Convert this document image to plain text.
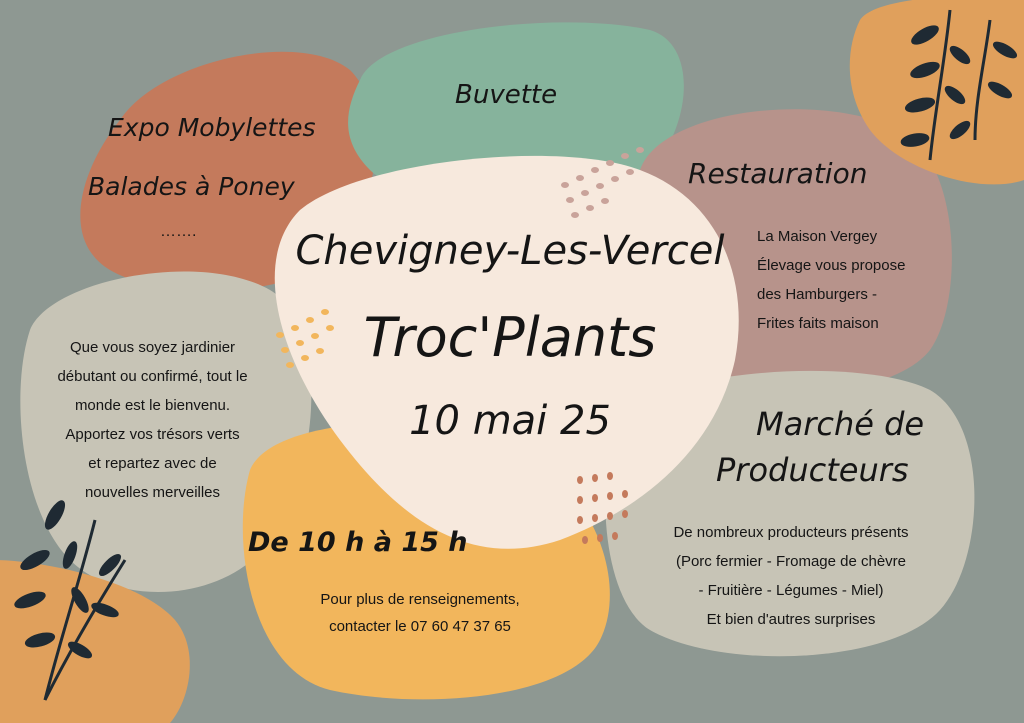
Expo Mobylettes
Balades à Poney
…….
Buvette
Restauration
La Maison Vergey
Élevage vous propose
des Hamburgers -
Frites faits maison
Chevigney-Les-Vercel
Troc'Plants
10 mai 25
Que vous soyez jardinier
débutant ou confirmé, tout le
monde est le bienvenu.
Apportez vos trésors verts
et repartez avec de
nouvelles merveilles
Marché de
Producteurs
De nombreux producteurs présents
(Porc fermier - Fromage de chèvre
- Fruitière - Légumes - Miel)
Et bien d'autres surprises
De 10 h à 15 h
Pour plus de renseignements,
contacter le 07 60 47 37 65
